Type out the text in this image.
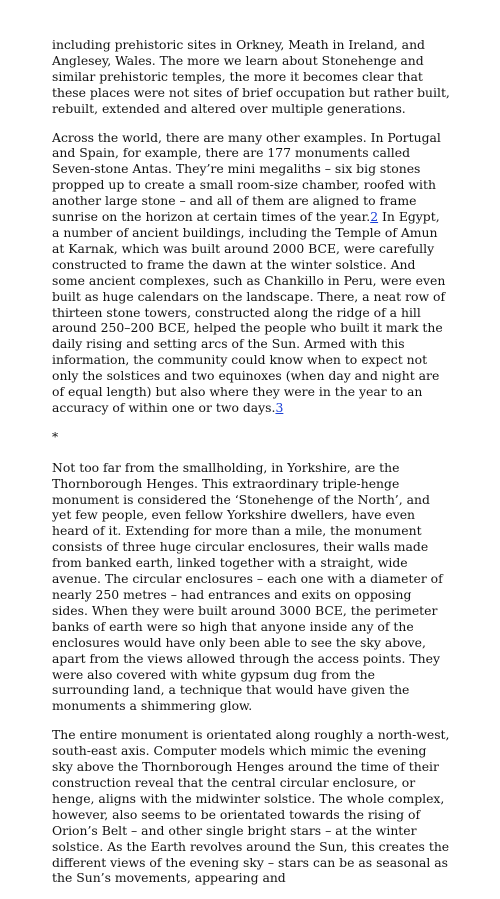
including prehistoric sites in Orkney, Meath in Ireland, and Anglesey, Wales. The more we learn about Stonehenge and similar prehistoric temples, the more it becomes clear that these places were not sites of brief occupation but rather built, rebuilt, extended and altered over multiple generations.

Across the world, there are many other examples. In Portugal and Spain, for example, there are 177 monuments called Seven-stone Antas. They’re mini megaliths – six big stones propped up to create a small room-size chamber, roofed with another large stone – and all of them are aligned to frame sunrise on the horizon at certain times of the year.2 In Egypt, a number of ancient buildings, including the Temple of Amun at Karnak, which was built around 2000 BCE, were carefully constructed to frame the dawn at the winter solstice. And some ancient complexes, such as Chankillo in Peru, were even built as huge calendars on the landscape. There, a neat row of thirteen stone towers, constructed along the ridge of a hill around 250–200 BCE, helped the people who built it mark the daily rising and setting arcs of the Sun. Armed with this information, the community could know when to expect not only the solstices and two equinoxes (when day and night are of equal length) but also where they were in the year to an accuracy of within one or two days.3

*

Not too far from the smallholding, in Yorkshire, are the Thornborough Henges. This extraordinary triple-henge monument is considered the ‘Stonehenge of the North’, and yet few people, even fellow Yorkshire dwellers, have even heard of it. Extending for more than a mile, the monument consists of three huge circular enclosures, their walls made from banked earth, linked together with a straight, wide avenue. The circular enclosures – each one with a diameter of nearly 250 metres – had entrances and exits on opposing sides. When they were built around 3000 BCE, the perimeter banks of earth were so high that anyone inside any of the enclosures would have only been able to see the sky above, apart from the views allowed through the access points. They were also covered with white gypsum dug from the surrounding land, a technique that would have given the monuments a shimmering glow.

The entire monument is orientated along roughly a north-west, south-east axis. Computer models which mimic the evening sky above the Thornborough Henges around the time of their construction reveal that the central circular enclosure, or henge, aligns with the midwinter solstice. The whole complex, however, also seems to be orientated towards the rising of Orion’s Belt – and other single bright stars – at the winter solstice. As the Earth revolves around the Sun, this creates the different views of the evening sky – stars can be as seasonal as the Sun’s movements, appearing and
